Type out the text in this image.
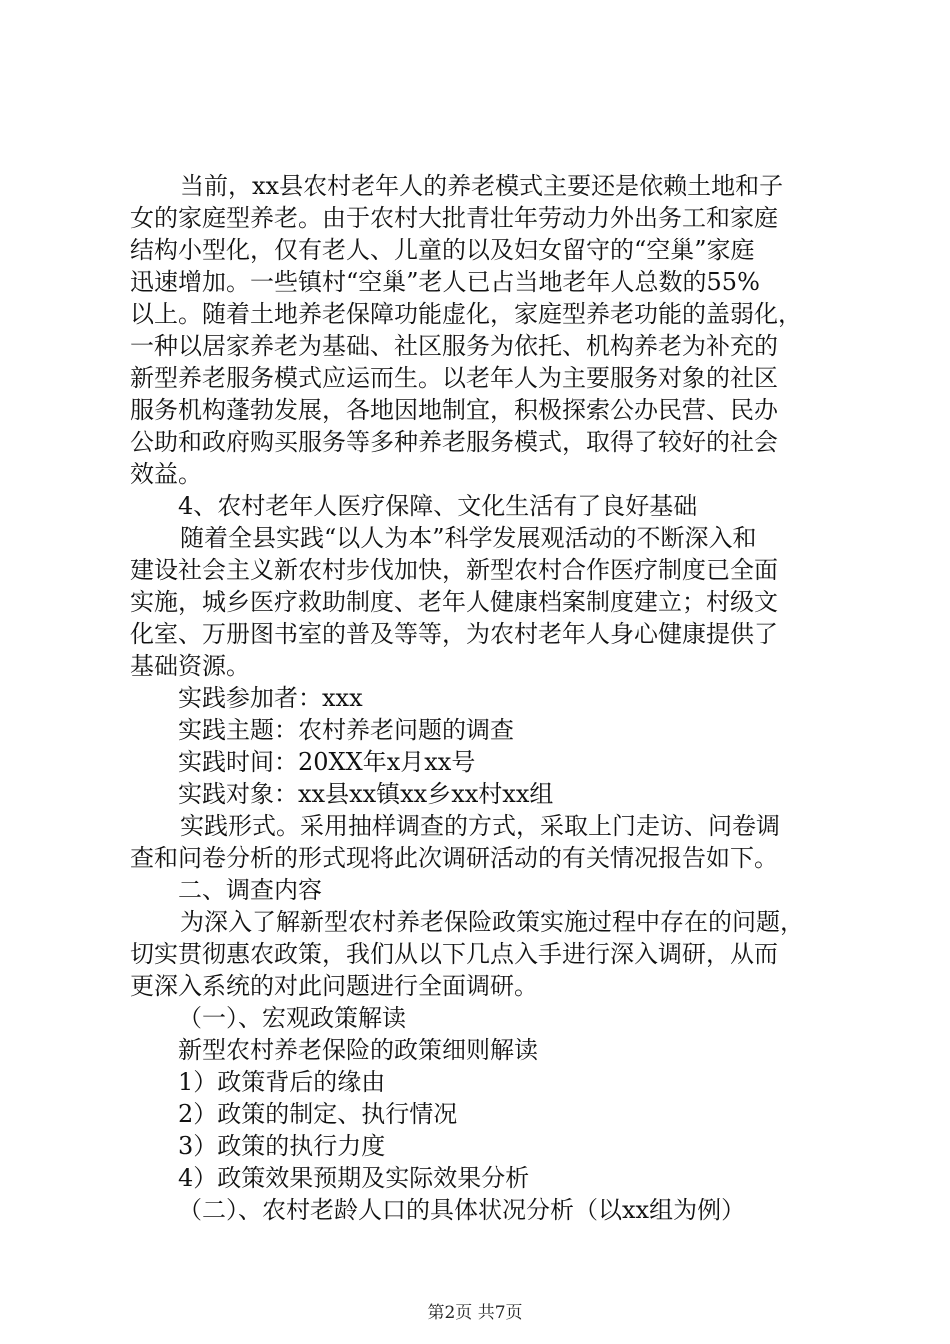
当前，xx县农村老年人的养老模式主要还是依赖土地和子
女的家庭型养老。由于农村大批青壮年劳动力外出务工和家庭
结构小型化，仅有老人、儿童的以及妇女留守的“空巢”家庭
迅速增加。一些镇村“空巢”老人已占当地老年人总数的55%
以上。随着土地养老保障功能虚化，家庭型养老功能的盖弱化，
一种以居家养老为基础、社区服务为依托、机构养老为补充的
新型养老服务模式应运而生。以老年人为主要服务对象的社区
服务机构蓬勃发展，各地因地制宜，积极探索公办民营、民办
公助和政府购买服务等多种养老服务模式，取得了较好的社会
效益。
4、农村老年人医疗保障、文化生活有了良好基础
随着全县实践“以人为本”科学发展观活动的不断深入和
建设社会主义新农村步伐加快，新型农村合作医疗制度已全面
实施，城乡医疗救助制度、老年人健康档案制度建立；村级文
化室、万册图书室的普及等等，为农村老年人身心健康提供了
基础资源。
实践参加者：xxx
实践主题：农村养老问题的调查
实践时间：20XX年x月xx号
实践对象：xx县xx镇xx乡xx村xx组
实践形式。采用抽样调查的方式，采取上门走访、问卷调
查和问卷分析的形式现将此次调研活动的有关情况报告如下。
二、调查内容
为深入了解新型农村养老保险政策实施过程中存在的问题，
切实贯彻惠农政策，我们从以下几点入手进行深入调研，从而
更深入系统的对此问题进行全面调研。
（一）、宏观政策解读
新型农村养老保险的政策细则解读
1）政策背后的缘由
2）政策的制定、执行情况
3）政策的执行力度
4）政策效果预期及实际效果分析
（二）、农村老龄人口的具体状况分析（以xx组为例）
第2页 共7页
